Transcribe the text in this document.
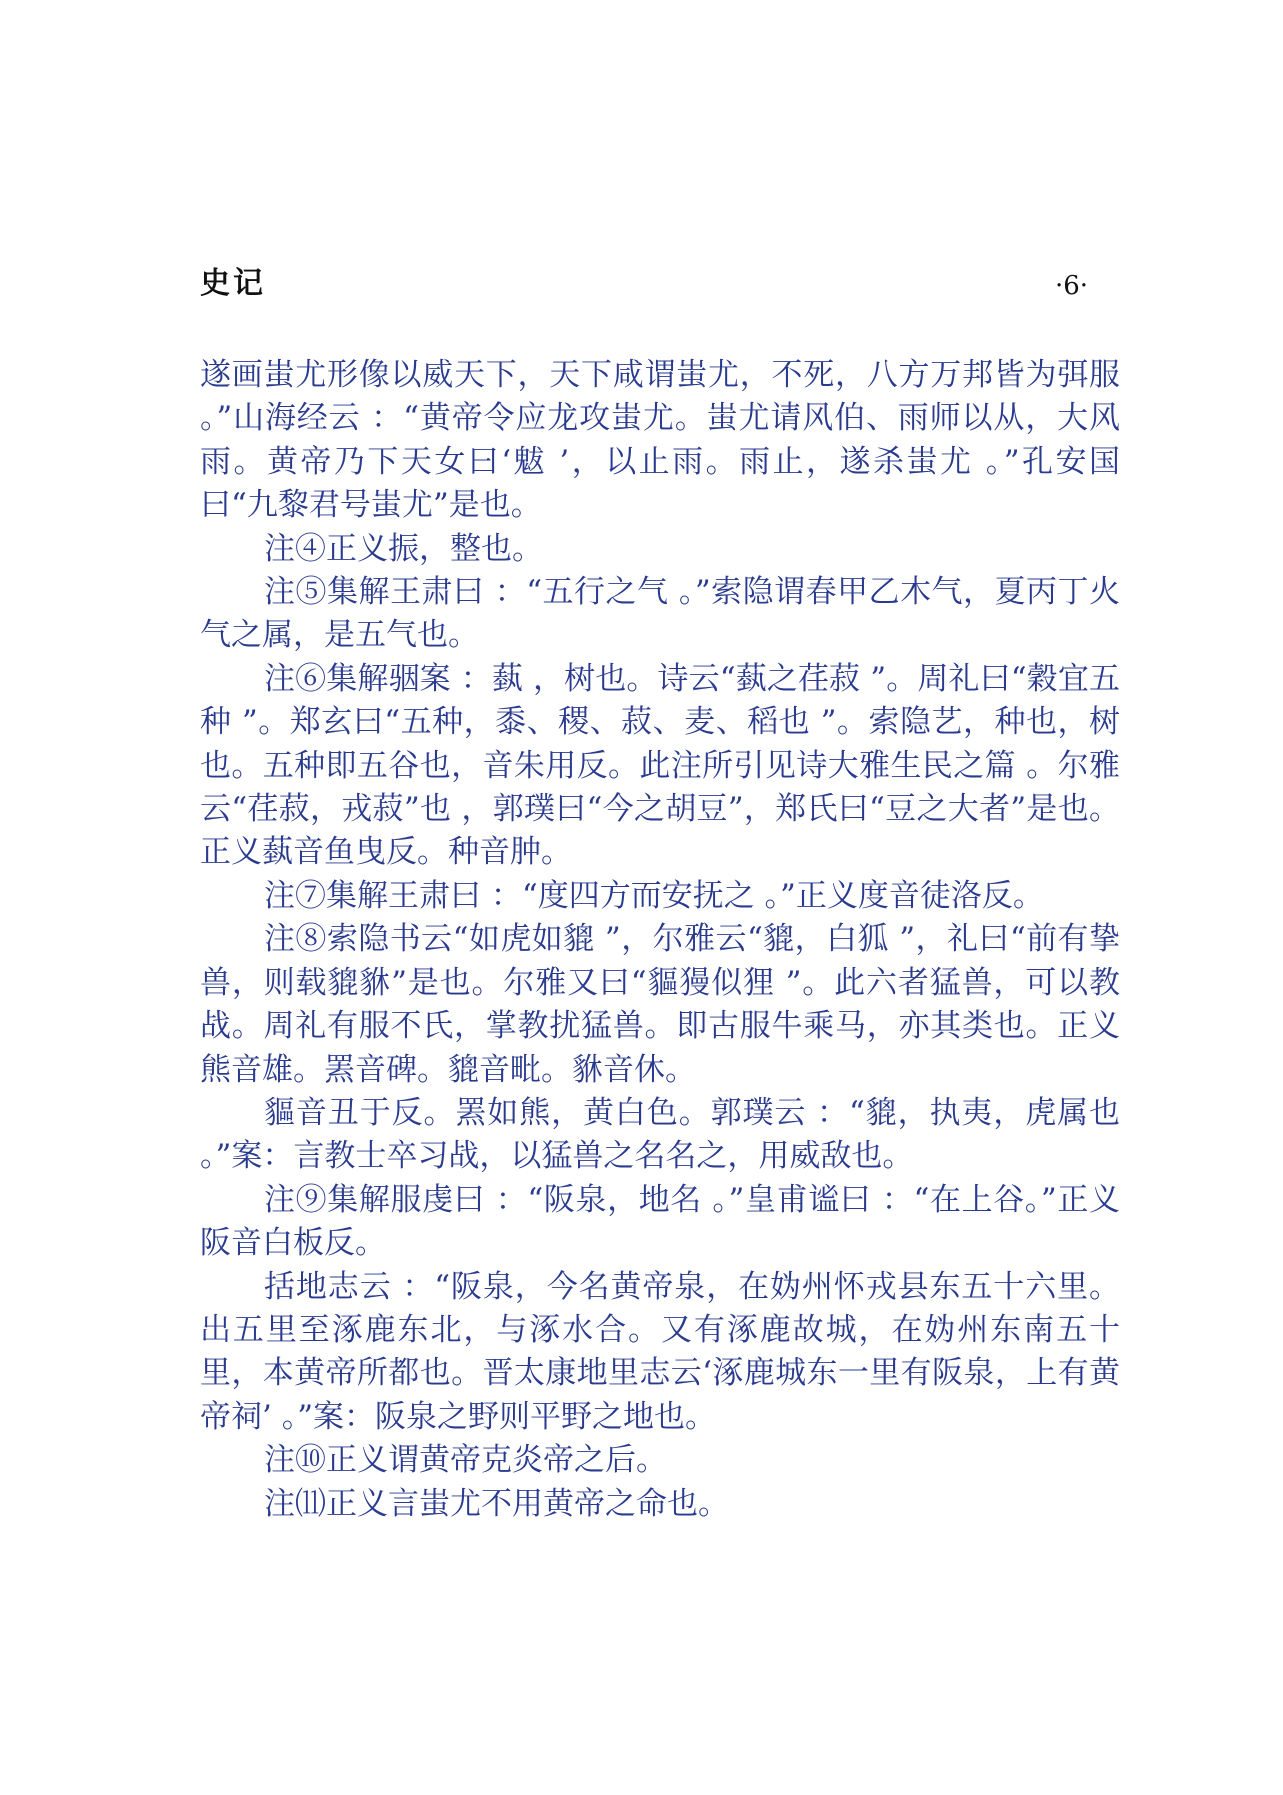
史记	·6·

遂画蚩尤形像以威天下，天下咸谓蚩尤，不死，八方万邦皆为弭服 。”山海经云 ：“黄帝令应龙攻蚩尤。蚩尤请风伯、雨师以从，大风雨。黄帝乃下天女曰‘魃 ’，以止雨。雨止，遂杀蚩尤 。”孔安国曰“九黎君号蚩尤”是也。

注④正义振，整也。

注⑤集解王肃曰 ：“五行之气 。”索隐谓春甲乙木气，夏丙丁火气之属，是五气也。

注⑥集解骃案 ：蓺 ，树也。诗云“蓺之荏菽 ”。周礼曰“穀宜五种 ”。郑玄曰“五种，黍、稷、菽、麦、稻也 ”。索隐艺，种也，树也。五种即五谷也，音朱用反。此注所引见诗大雅生民之篇 。尔雅云“荏菽，戎菽”也 ，郭璞曰“今之胡豆”，郑氏曰“豆之大者”是也。正义蓺音鱼曳反。种音肿。

注⑦集解王肃曰 ：“度四方而安抚之 。”正义度音徒洛反。

注⑧索隐书云“如虎如貔 ”，尔雅云“貔，白狐 ”，礼曰“前有挚兽，则载貔貅”是也。尔雅又曰“貙獌似狸 ”。此六者猛兽，可以教战。周礼有服不氏，掌教扰猛兽。即古服牛乘马，亦其类也。正义熊音雄。罴音碑。貔音毗。貅音休。

貙音丑于反。罴如熊，黄白色。郭璞云 ：“貔，执夷，虎属也 。”案：言教士卒习战，以猛兽之名名之，用威敌也。

注⑨集解服虔曰 ：“阪泉，地名 。”皇甫谧曰 ：“在上谷。”正义阪音白板反。

括地志云 ：“阪泉，今名黄帝泉，在妫州怀戎县东五十六里。出五里至涿鹿东北，与涿水合。又有涿鹿故城，在妫州东南五十里，本黄帝所都也。晋太康地里志云‘涿鹿城东一里有阪泉，上有黄帝祠’ 。”案：阪泉之野则平野之地也。

注⑩正义谓黄帝克炎帝之后。

注⑾正义言蚩尤不用黄帝之命也。
